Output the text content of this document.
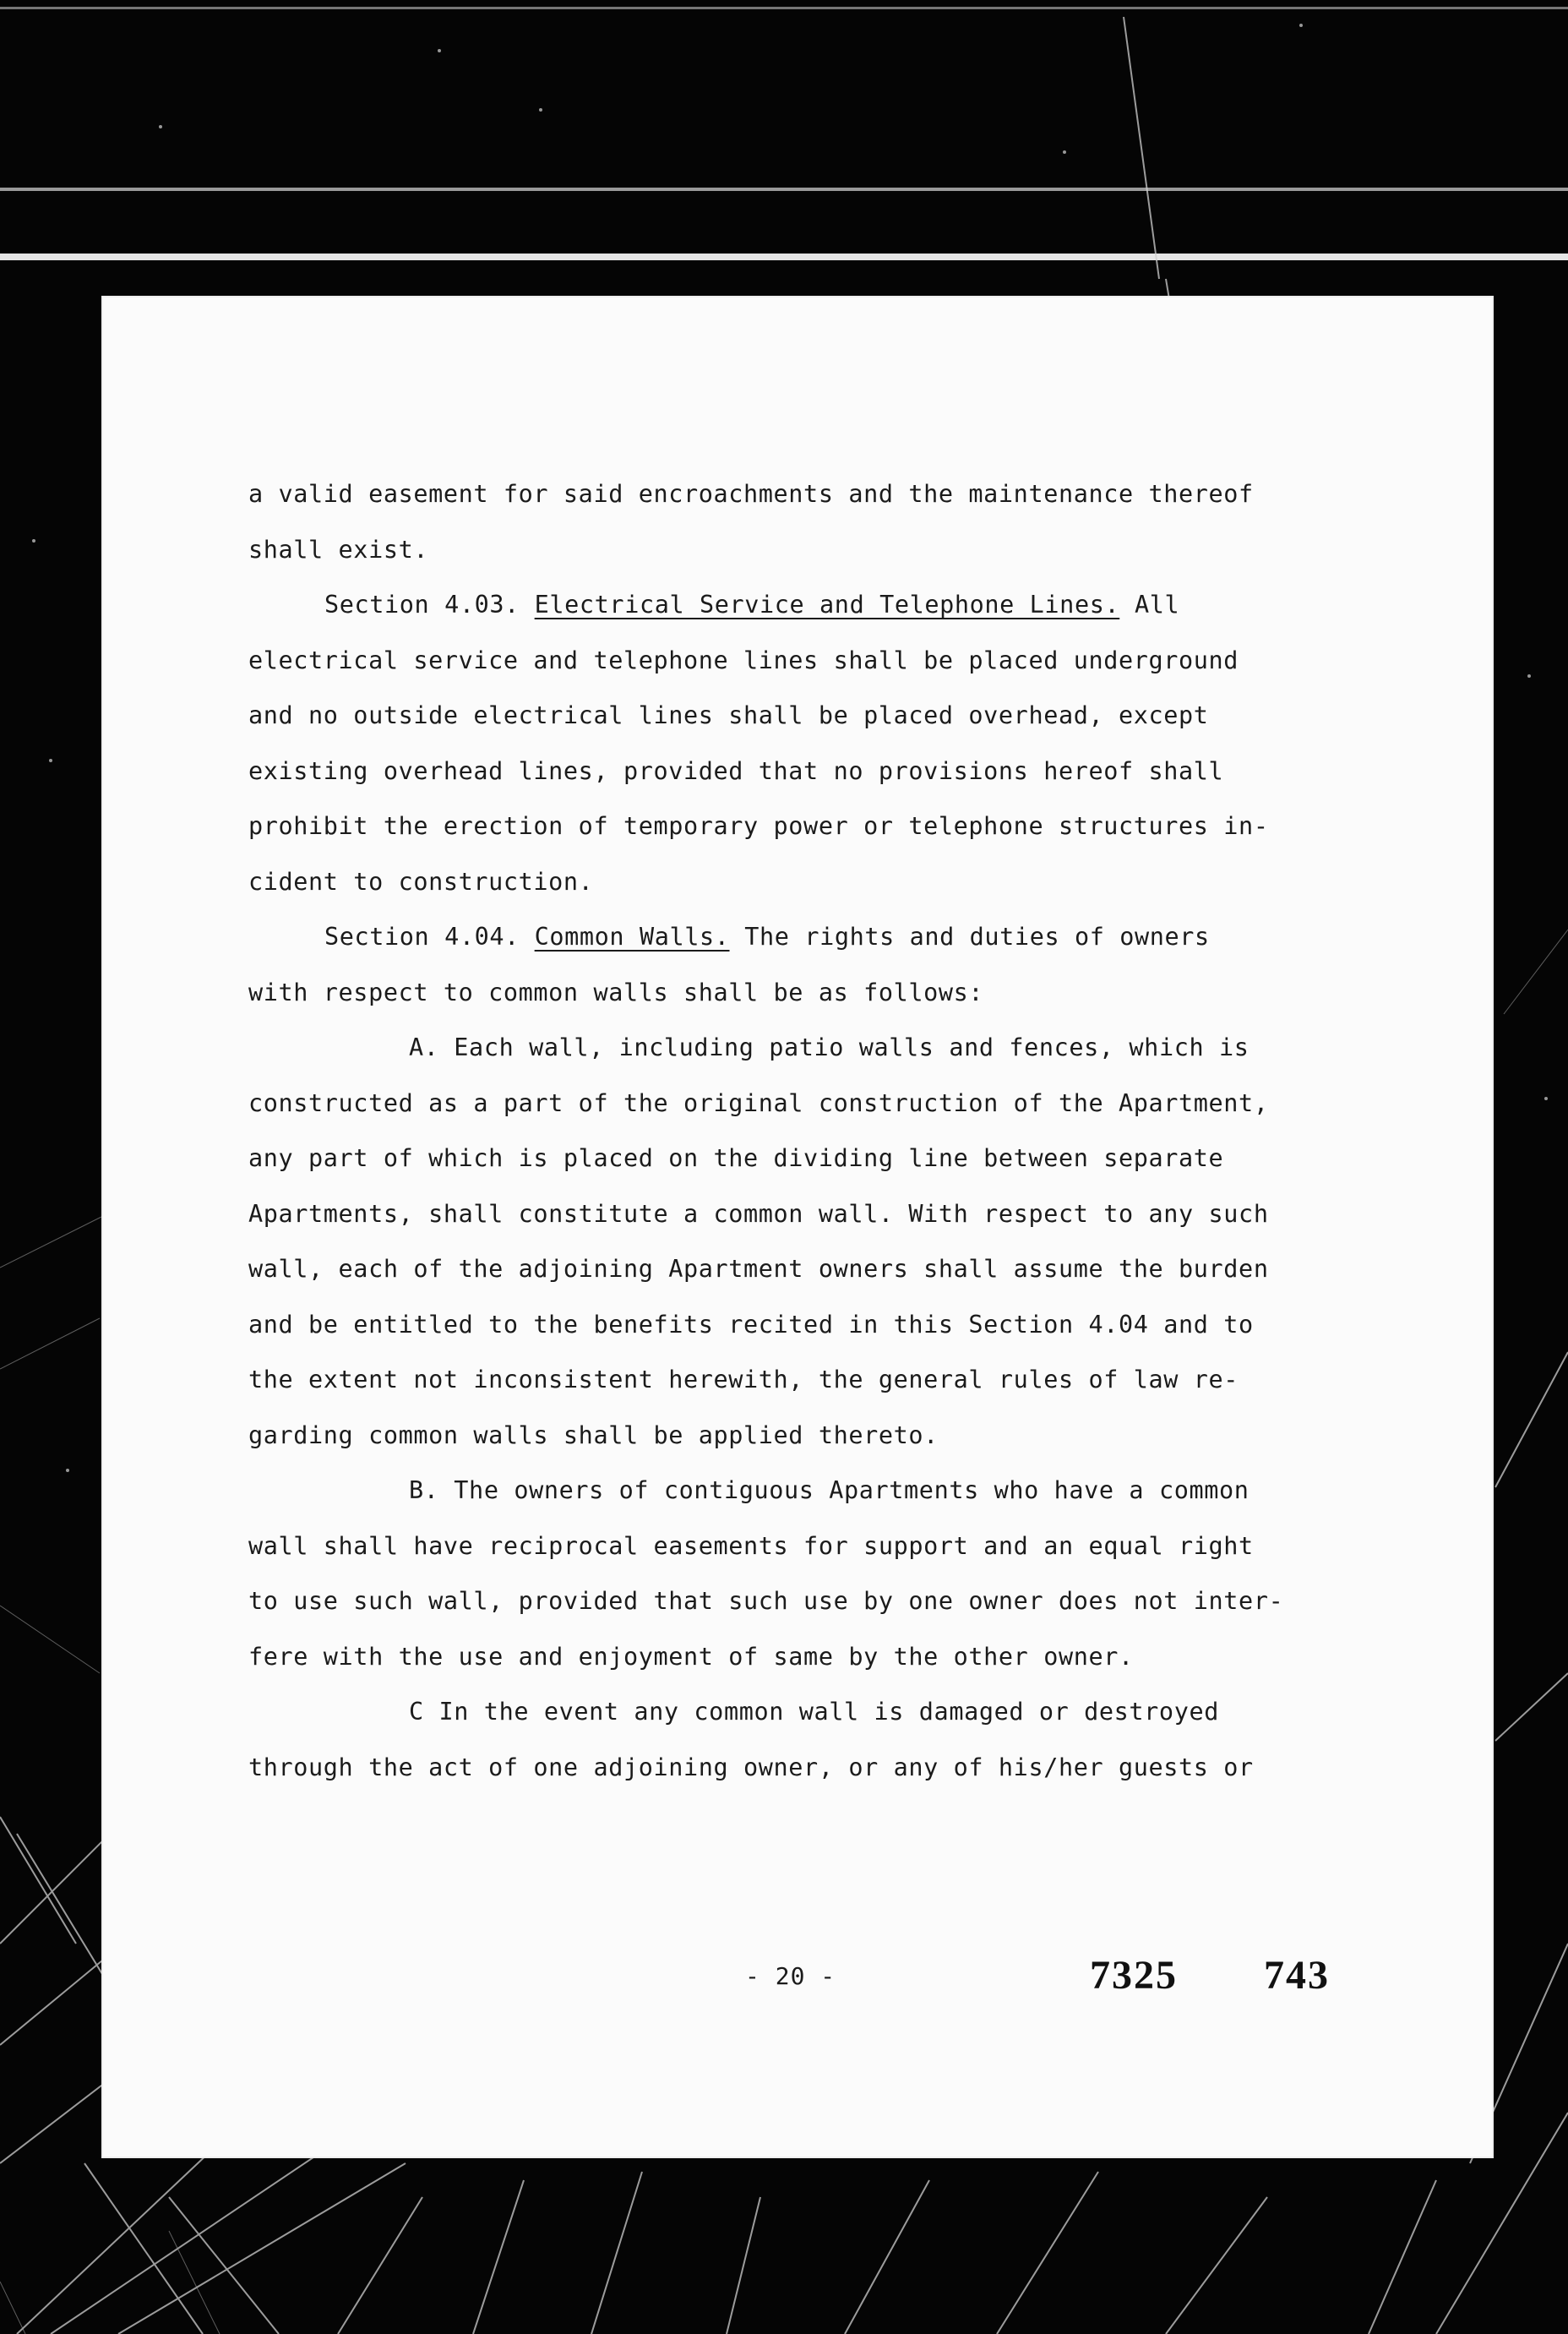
a valid easement for said encroachments and the maintenance thereof
shall exist.
Section 4.03. Electrical Service and Telephone Lines. All
electrical service and telephone lines shall be placed underground
and no outside electrical lines shall be placed overhead, except
existing overhead lines, provided that no provisions hereof shall
prohibit the erection of temporary power or telephone structures in-
cident to construction.
Section 4.04. Common Walls. The rights and duties of owners
with respect to common walls shall be as follows:
A. Each wall, including patio walls and fences, which is
constructed as a part of the original construction of the Apartment,
any part of which is placed on the dividing line between separate
Apartments, shall constitute a common wall. With respect to any such
wall, each of the adjoining Apartment owners shall assume the burden
and be entitled to the benefits recited in this Section 4.04 and to
the extent not inconsistent herewith, the general rules of law re-
garding common walls shall be applied thereto.
B. The owners of contiguous Apartments who have a common
wall shall have reciprocal easements for support and an equal right
to use such wall, provided that such use by one owner does not inter-
fere with the use and enjoyment of same by the other owner.
C In the event any common wall is damaged or destroyed
through the act of one adjoining owner, or any of his/her guests or
- 20 -	7325 743
